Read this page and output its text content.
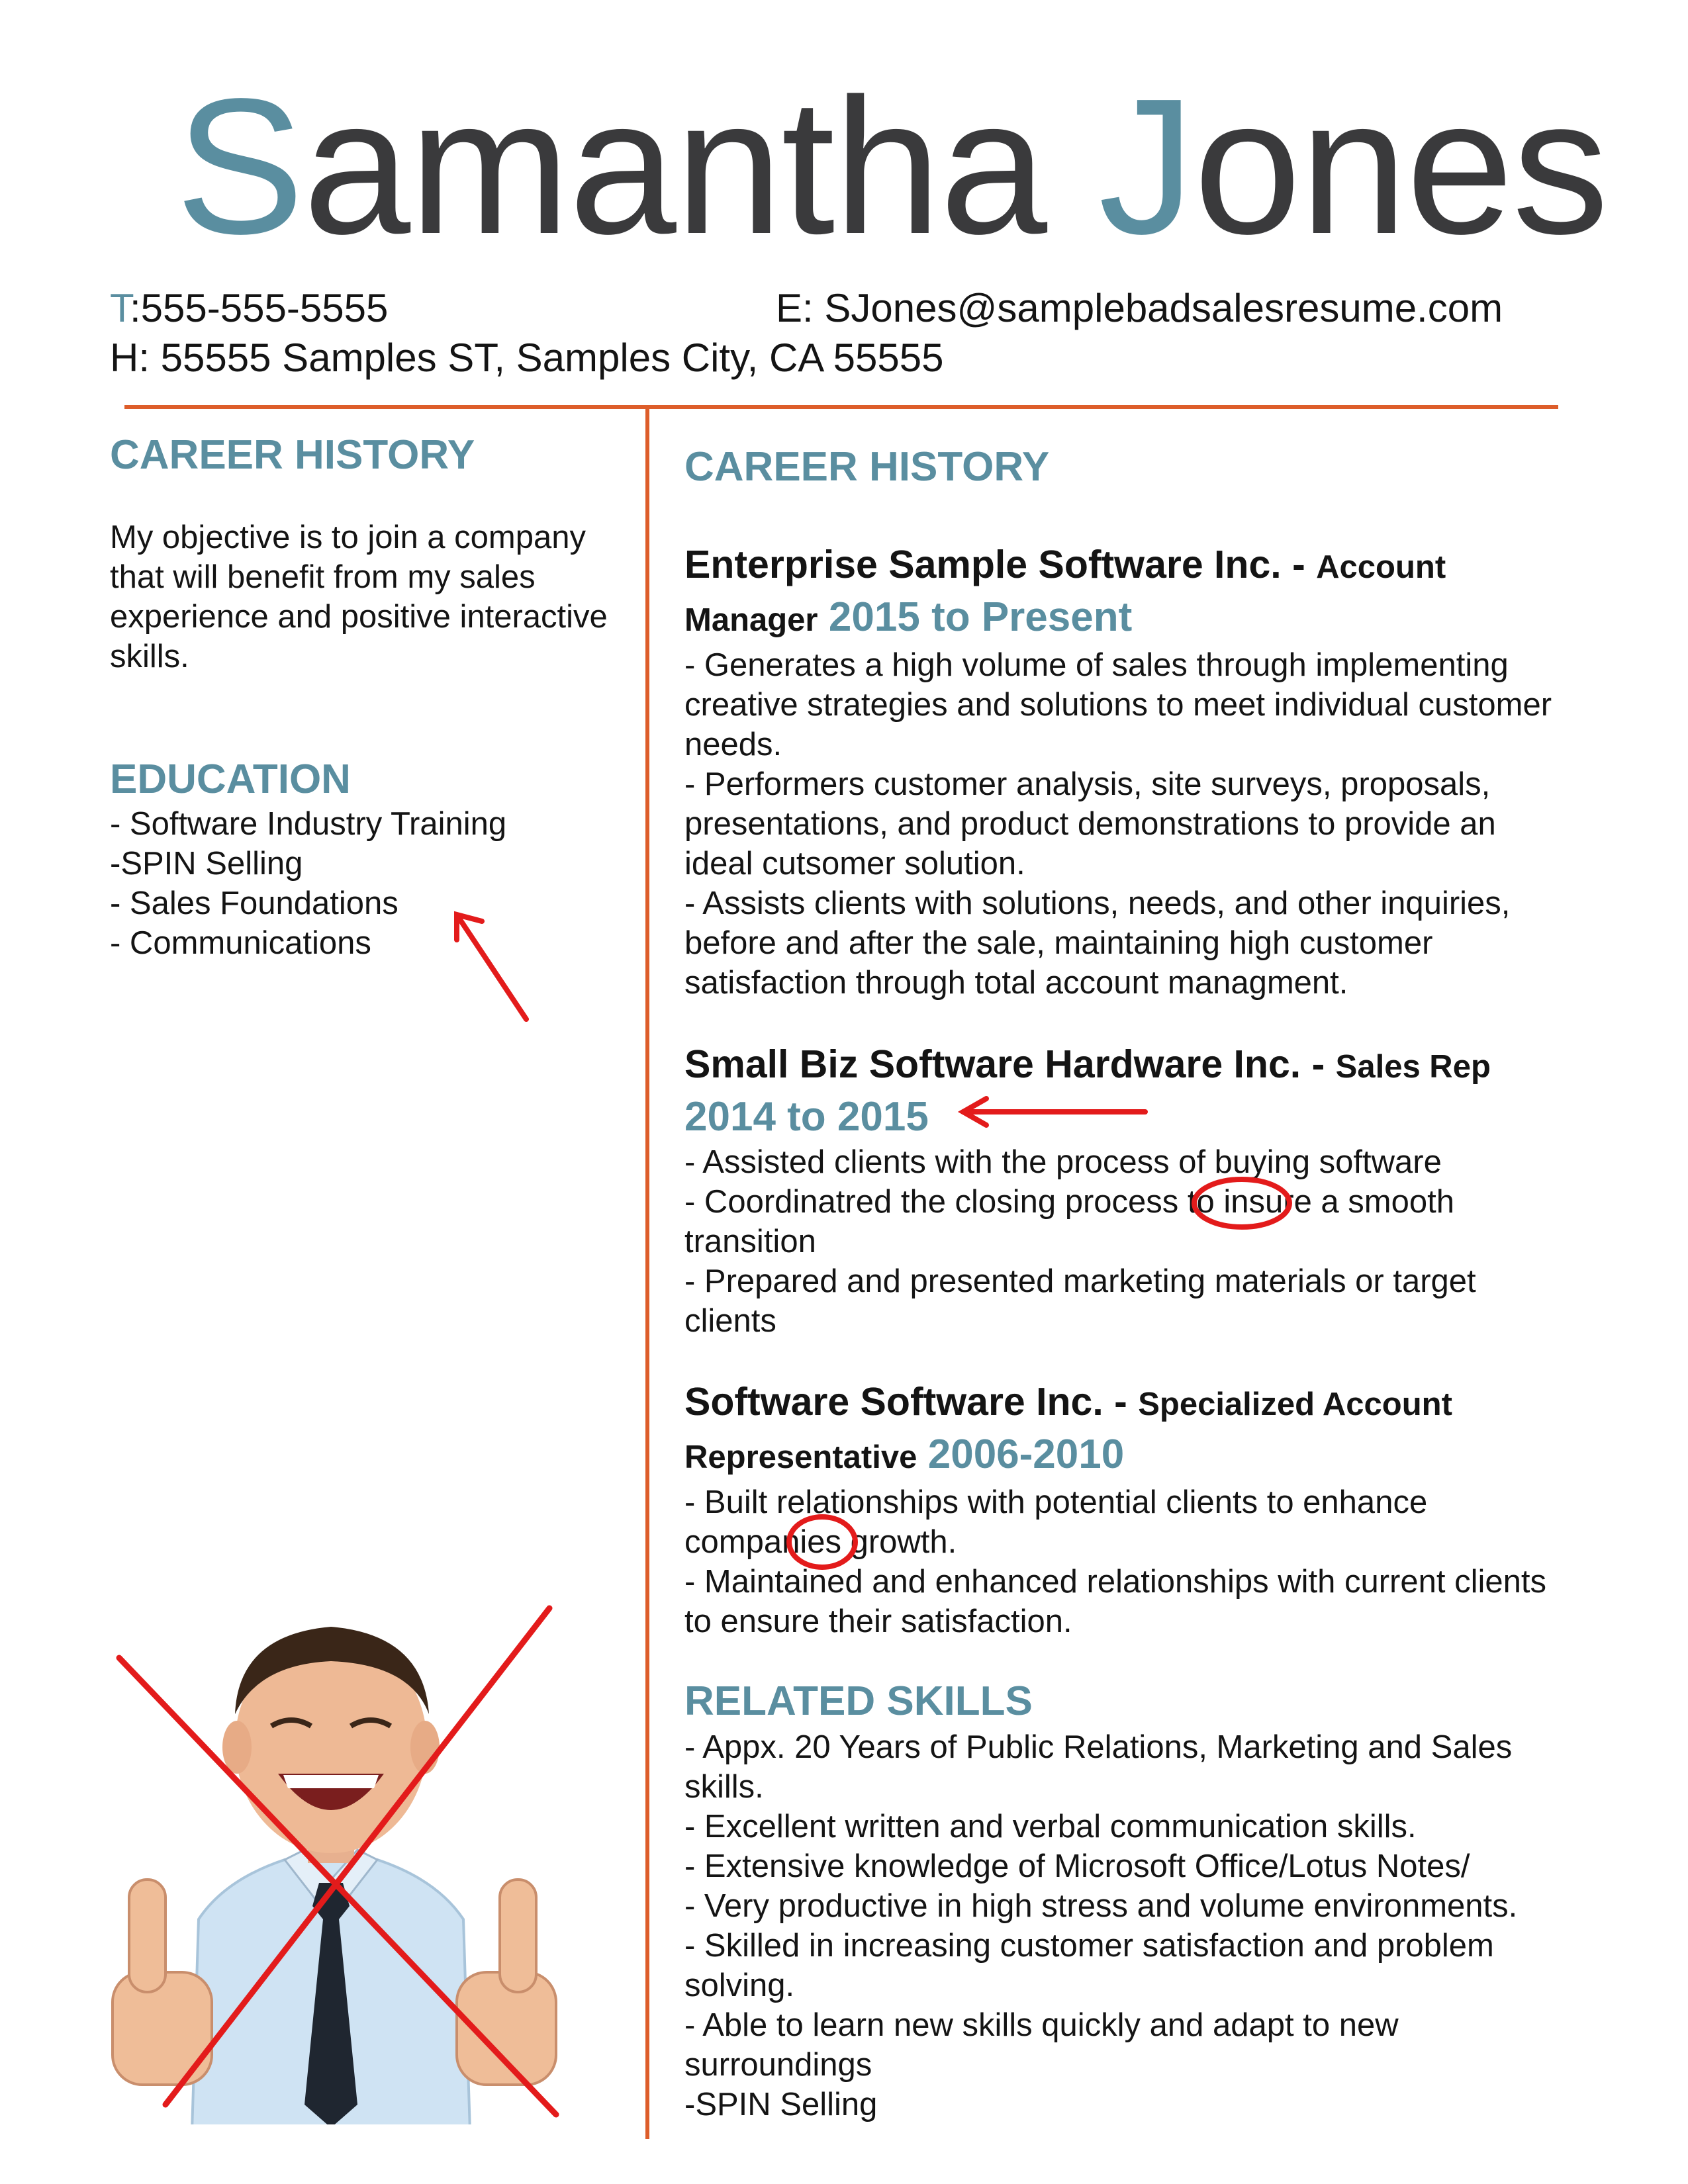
Samantha Jones
T:555-555-5555	E: SJones@samplebadsalesresume.com
H: 55555 Samples ST, Samples City, CA 55555
CAREER HISTORY
My objective is to join a company that will benefit from my sales experience and positive interactive skills.
EDUCATION
- Software Industry Training
-SPIN Selling
- Sales Foundations
- Communications
CAREER HISTORY
Enterprise Sample Software Inc. - Account Manager 2015 to Present
- Generates a high volume of sales through implementing creative strategies and solutions to meet individual customer needs.
- Performers customer analysis, site surveys, proposals, presentations, and product demonstrations to provide an ideal cutsomer solution.
- Assists clients with solutions, needs, and other inquiries, before and after the sale, maintaining high customer satisfaction through total account managment.
Small Biz Software Hardware Inc. - Sales Rep 2014 to 2015
- Assisted clients with the process of buying software
- Coordinatred the closing process to insure a smooth transition
- Prepared and presented marketing materials or target clients
Software Software Inc. - Specialized Account Representative 2006-2010
- Built relationships with potential clients to enhance companies growth.
- Maintained and enhanced relationships with current clients to ensure their satisfaction.
RELATED SKILLS
- Appx. 20 Years of Public Relations, Marketing and Sales skills.
- Excellent written and verbal communication skills.
- Extensive knowledge of Microsoft Office/Lotus Notes/
- Very productive in high stress and volume environments.
- Skilled in increasing customer satisfaction and problem solving.
- Able to learn new skills quickly and adapt to new surroundings
-SPIN Selling
